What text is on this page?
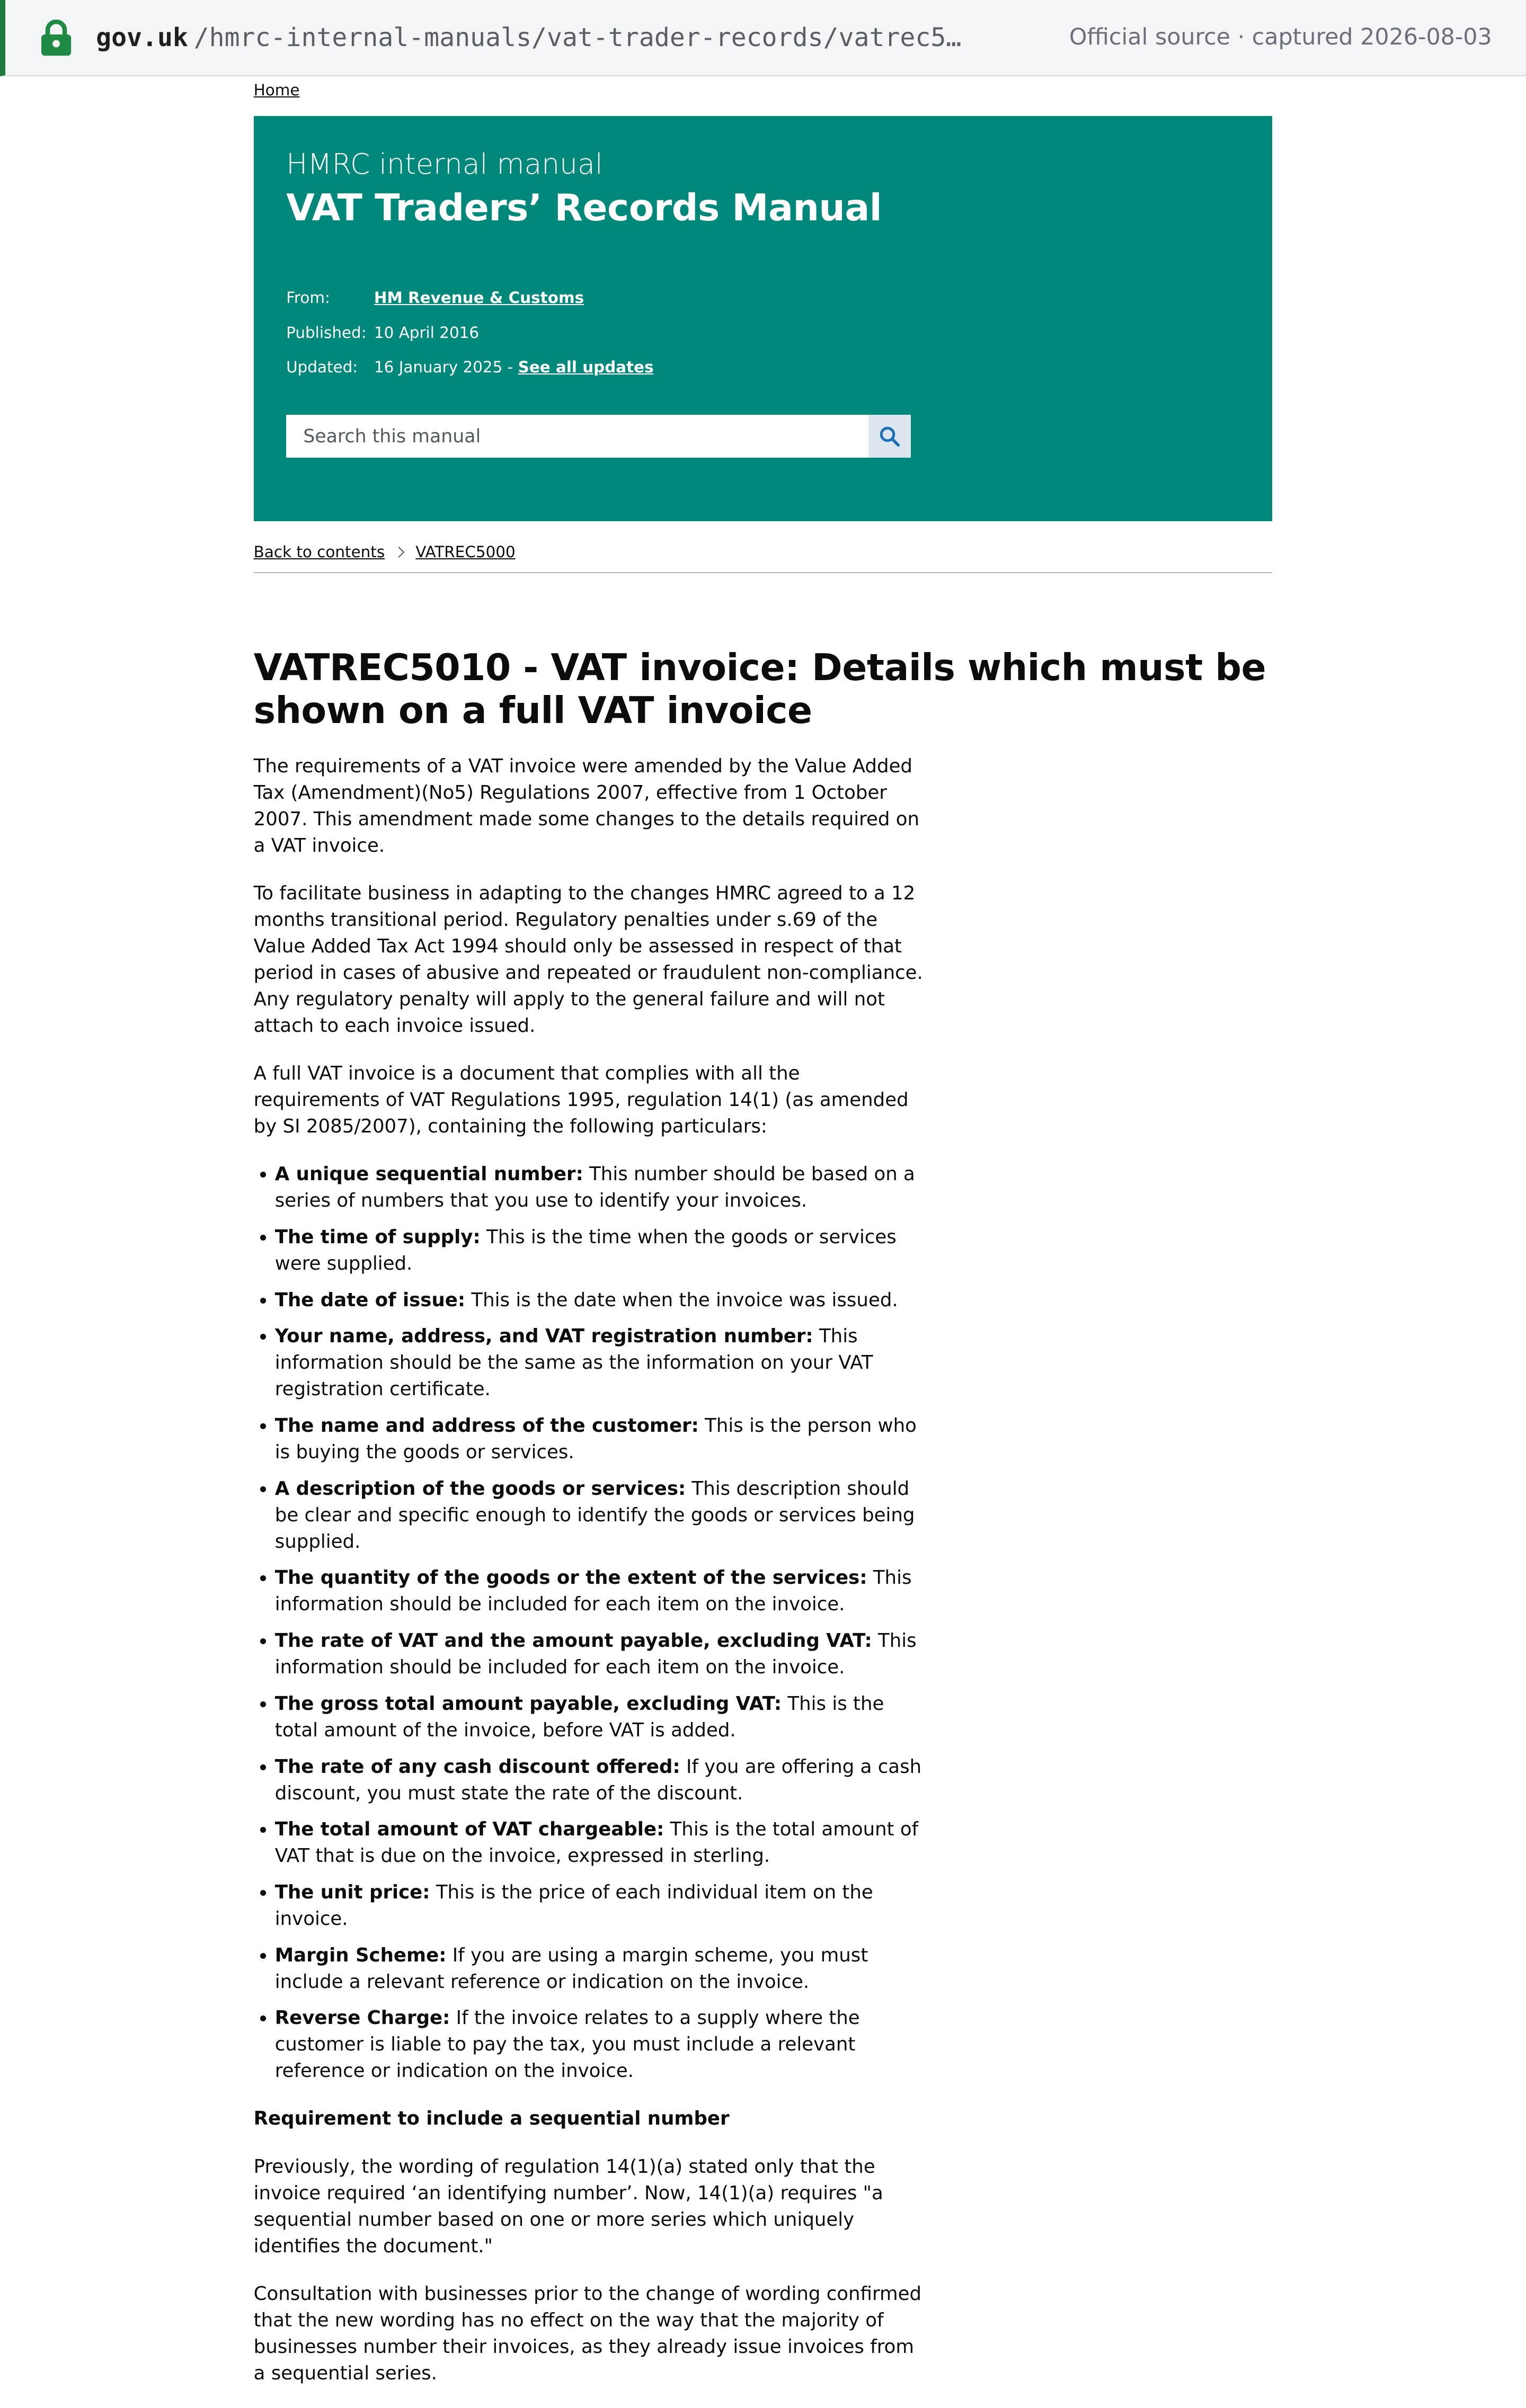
gov.uk /hmrc-internal-manuals/vat-trader-records/vatrec5…	Official source · captured 2026-08-03
Home
HMRC internal manual
VAT Traders’ Records Manual
From:	HM Revenue & Customs
Published:	10 April 2016
Updated:	16 January 2025 - See all updates
Search this manual
Back to contents	VATREC5000
VATREC5010 - VAT invoice: Details which must be shown on a full VAT invoice

The requirements of a VAT invoice were amended by the Value Added Tax (Amendment)(No5) Regulations 2007, effective from 1 October 2007. This amendment made some changes to the details required on a VAT invoice.

To facilitate business in adapting to the changes HMRC agreed to a 12 months transitional period. Regulatory penalties under s.69 of the Value Added Tax Act 1994 should only be assessed in respect of that period in cases of abusive and repeated or fraudulent non-compliance. Any regulatory penalty will apply to the general failure and will not attach to each invoice issued.

A full VAT invoice is a document that complies with all the requirements of VAT Regulations 1995, regulation 14(1) (as amended by SI 2085/2007), containing the following particulars:

• A unique sequential number: This number should be based on a series of numbers that you use to identify your invoices.
• The time of supply: This is the time when the goods or services were supplied.
• The date of issue: This is the date when the invoice was issued.
• Your name, address, and VAT registration number: This information should be the same as the information on your VAT registration certificate.
• The name and address of the customer: This is the person who is buying the goods or services.
• A description of the goods or services: This description should be clear and specific enough to identify the goods or services being supplied.
• The quantity of the goods or the extent of the services: This information should be included for each item on the invoice.
• The rate of VAT and the amount payable, excluding VAT: This information should be included for each item on the invoice.
• The gross total amount payable, excluding VAT: This is the total amount of the invoice, before VAT is added.
• The rate of any cash discount offered: If you are offering a cash discount, you must state the rate of the discount.
• The total amount of VAT chargeable: This is the total amount of VAT that is due on the invoice, expressed in sterling.
• The unit price: This is the price of each individual item on the invoice.
• Margin Scheme: If you are using a margin scheme, you must include a relevant reference or indication on the invoice.
• Reverse Charge: If the invoice relates to a supply where the customer is liable to pay the tax, you must include a relevant reference or indication on the invoice.

Requirement to include a sequential number

Previously, the wording of regulation 14(1)(a) stated only that the invoice required ‘an identifying number’. Now, 14(1)(a) requires "a sequential number based on one or more series which uniquely identifies the document."

Consultation with businesses prior to the change of wording confirmed that the new wording has no effect on the way that the majority of businesses number their invoices, as they already issue invoices from a sequential series.
